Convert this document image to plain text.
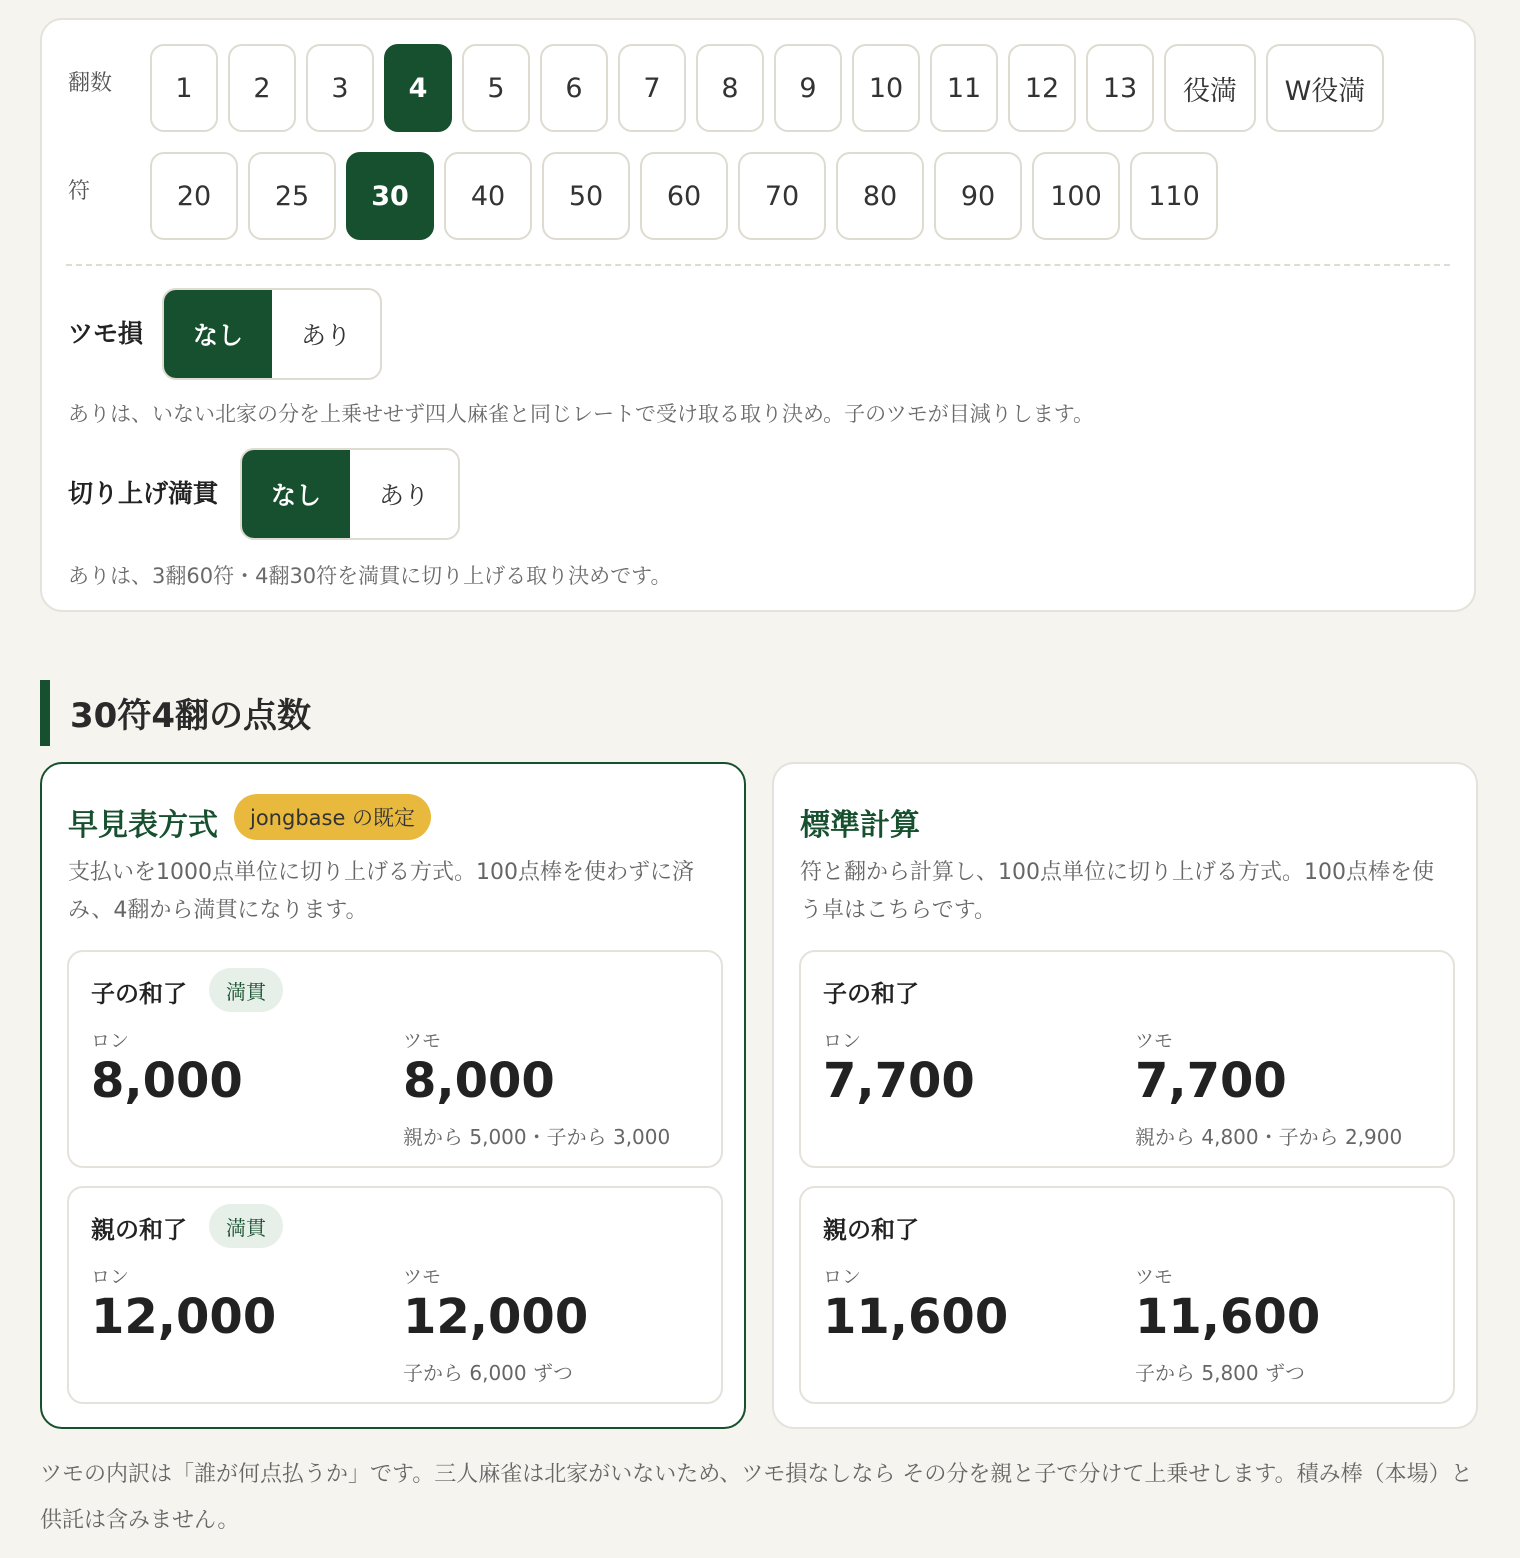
翻数	1	2	3	4	5	6	7	8	9	10	11	12	13	役満	W役満
符	20	25	30	40	50	60	70	80	90	100	110
ツモ損	なし	あり
ありは、いない北家の分を上乗せせず四人麻雀と同じレートで受け取る取り決め。子のツモが目減りします。
切り上げ満貫	なし	あり
ありは、3翻60符・4翻30符を満貫に切り上げる取り決めです。
30符4翻の点数
早見表方式	jongbase の既定
支払いを1000点単位に切り上げる方式。100点棒を使わずに済み、4翻から満貫になります。
子の和了	満貫
ロン
8,000
ツモ
8,000
親から 5,000・子から 3,000
親の和了	満貫
ロン
12,000
ツモ
12,000
子から 6,000 ずつ
標準計算
符と翻から計算し、100点単位に切り上げる方式。100点棒を使う卓はこちらです。
子の和了
ロン
7,700
ツモ
7,700
親から 4,800・子から 2,900
親の和了
ロン
11,600
ツモ
11,600
子から 5,800 ずつ
ツモの内訳は「誰が何点払うか」です。三人麻雀は北家がいないため、ツモ損なしなら その分を親と子で分けて上乗せします。積み棒（本場）と供託は含みません。
